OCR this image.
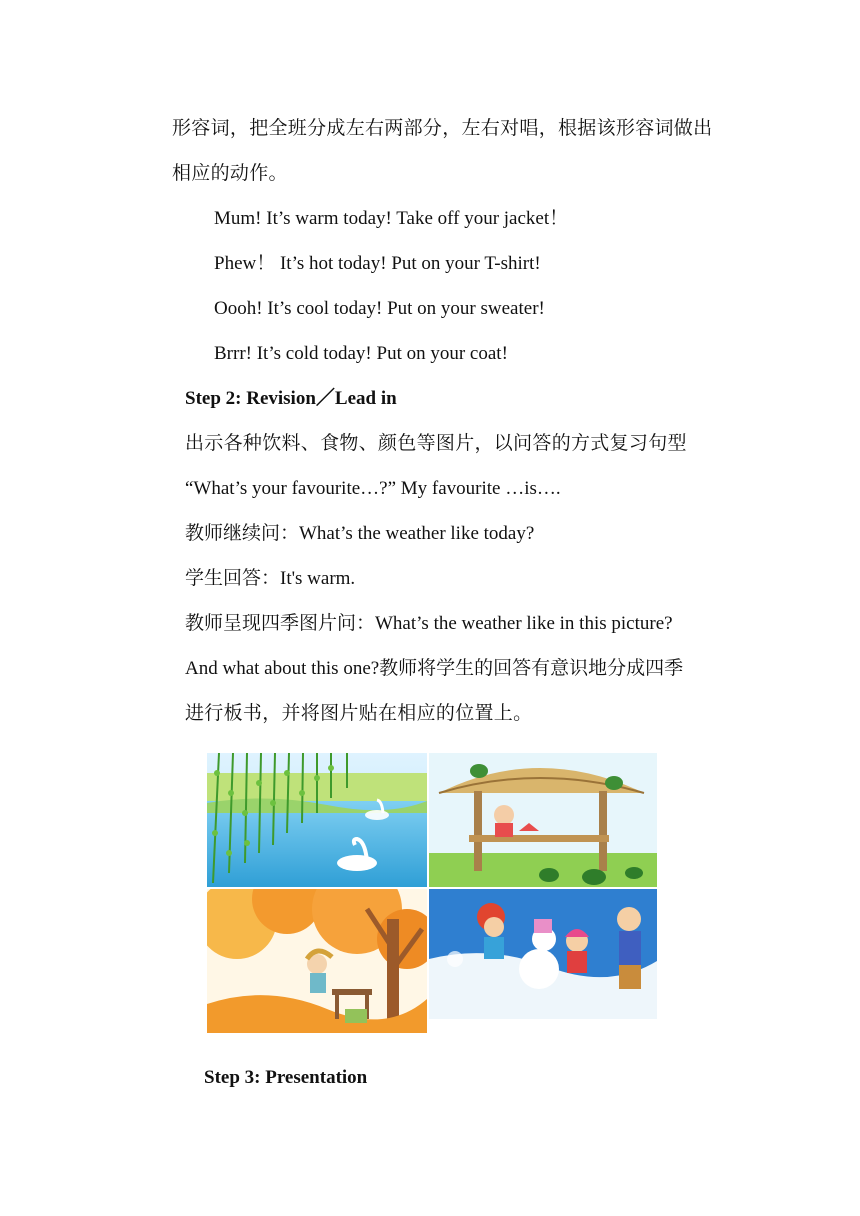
形容词，把全班分成左右两部分，左右对唱，根据该形容词做出
相应的动作。
Mum! It’s warm today! Take off your jacket！
Phew！ It’s hot today! Put on your T-shirt!
Oooh! It’s cool today! Put on your sweater!
Brrr! It’s cold today! Put on your coat!
Step 2: Revision／Lead in
出示各种饮料、食物、颜色等图片，以问答的方式复习句型
“What’s your favourite…?” My favourite …is….
教师继续问：What’s the weather like today?
学生回答：It's warm.
教师呈现四季图片问：What’s the weather like in this picture?
And what about this one?教师将学生的回答有意识地分成四季
进行板书，并将图片贴在相应的位置上。
Step 3: Presentation
